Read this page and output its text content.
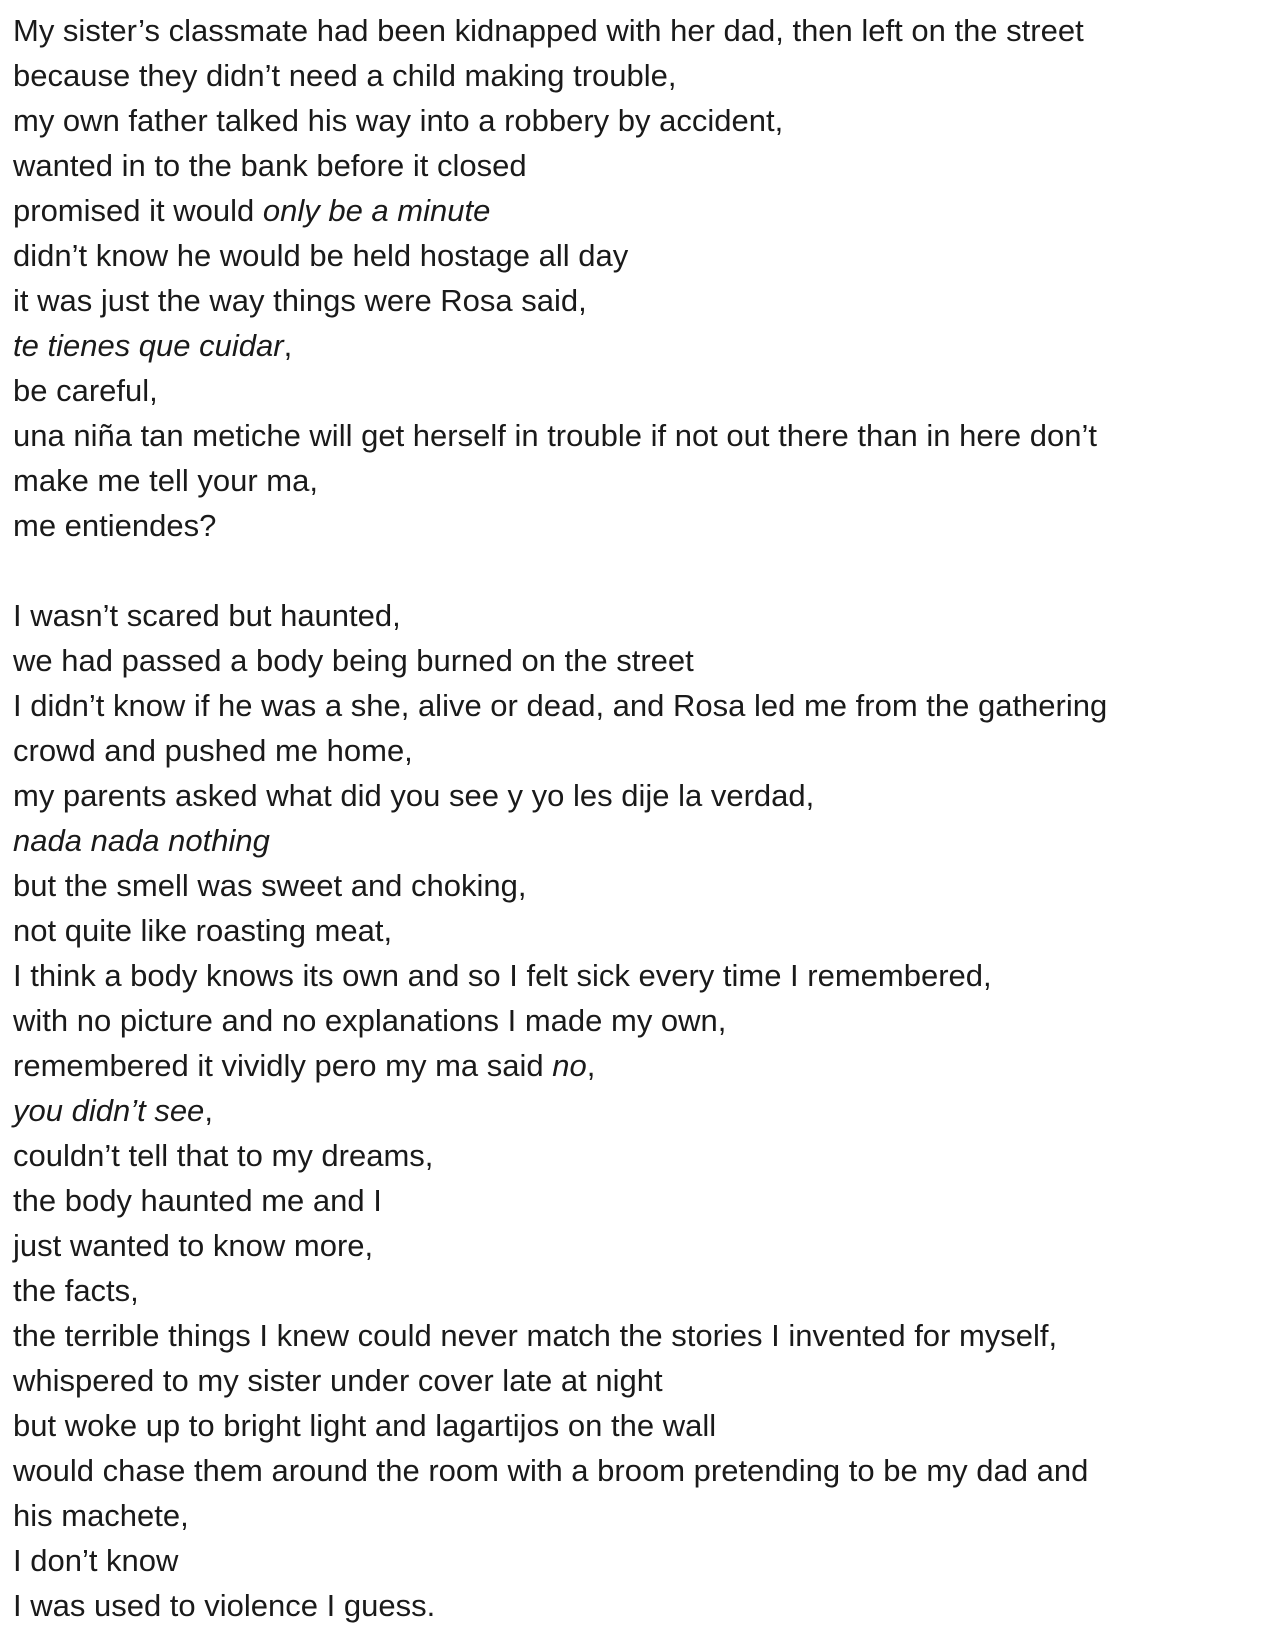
My sister’s classmate had been kidnapped with her dad, then left on the street
because they didn’t need a child making trouble,
my own father talked his way into a robbery by accident,
wanted in to the bank before it closed
promised it would only be a minute
didn’t know he would be held hostage all day
it was just the way things were Rosa said,
te tienes que cuidar,
be careful,
una niña tan metiche will get herself in trouble if not out there than in here don’t
make me tell your ma,
me entiendes?
I wasn’t scared but haunted,
we had passed a body being burned on the street
I didn’t know if he was a she, alive or dead, and Rosa led me from the gathering
crowd and pushed me home,
my parents asked what did you see y yo les dije la verdad,
nada nada nothing
but the smell was sweet and choking,
not quite like roasting meat,
I think a body knows its own and so I felt sick every time I remembered,
with no picture and no explanations I made my own,
remembered it vividly pero my ma said no,
you didn’t see,
couldn’t tell that to my dreams,
the body haunted me and I
just wanted to know more,
the facts,
the terrible things I knew could never match the stories I invented for myself,
whispered to my sister under cover late at night
but woke up to bright light and lagartijos on the wall
would chase them around the room with a broom pretending to be my dad and
his machete,
I don’t know
I was used to violence I guess.
